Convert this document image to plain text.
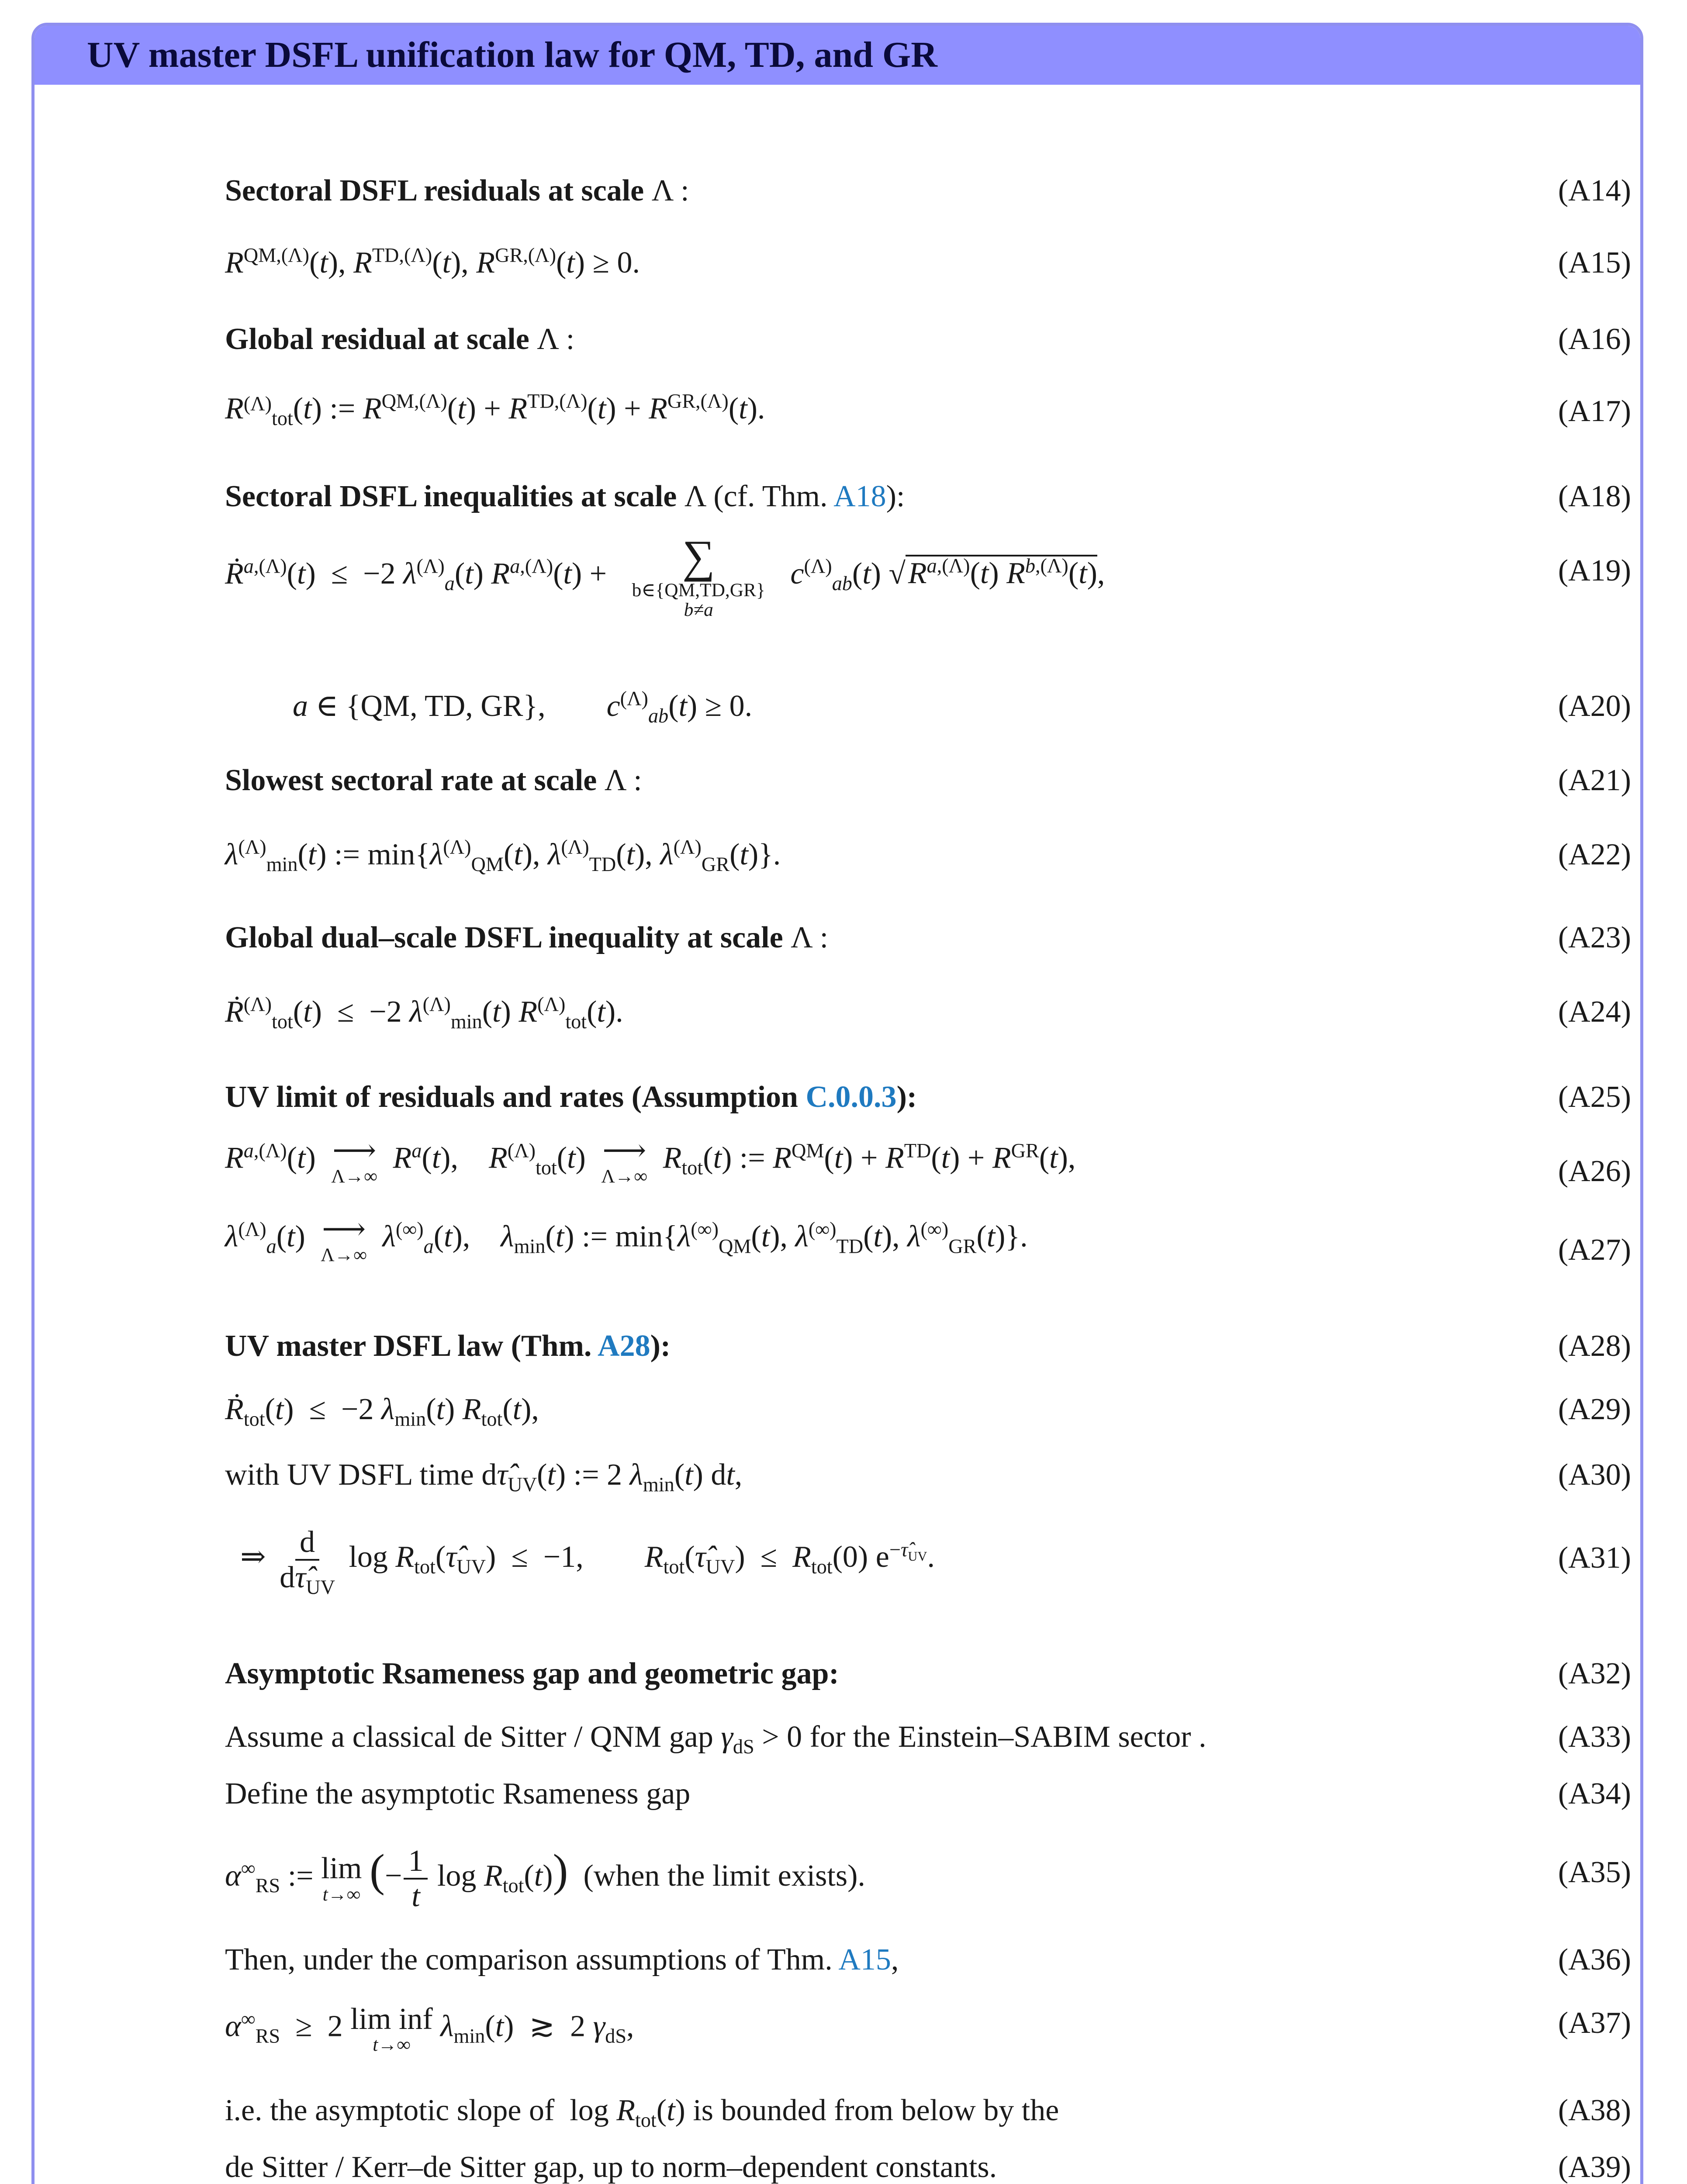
UV master DSFL unification law for QM, TD, and GR
Sectoral DSFL residuals at scale Λ :	(A14)
$R^{QM,(\Lambda)}(t)$, $R^{TD,(\Lambda)}(t)$, $R^{GR,(\Lambda)}(t) \ge 0$.	(A15)
Global residual at scale Λ :	(A16)
$R^{(\Lambda)}_{tot}(t)$ := $R^{QM,(\Lambda)}(t) + R^{TD,(\Lambda)}(t) + R^{GR,(\Lambda)}(t)$.	(A17)
Sectoral DSFL inequalities at scale Λ (cf. Thm. A18):	(A18)
Ṙ$^{a,(\Lambda)}$(t)  ≤  −2 $\lambda^{(\Lambda)}_a(t) R^{a,(\Lambda)}(t)$ + ∑
b∈{QM,TD,GR}
b≠a
$c^{(\Lambda)}_{ab}(t)$ $√R^{a,(\Lambda)}(t)$ $R^{b,(\Lambda)}(t)$,	(A19)
a ∈ {QM, TD, GR},        $c^{(\Lambda)}_{ab}(t) \ge 0$.	(A20)
Slowest sectoral rate at scale Λ :	(A21)
$\lambda^{(\Lambda)}_{min}(t)$ := $\min\{\lambda^{(\Lambda)}_{QM}(t)$, $\lambda^{(\Lambda)}_{TD}(t)$, $\lambda^{(\Lambda)}_{GR}(t)$}.	(A22)
Global dual–scale DSFL inequality at scale Λ :	(A23)
Ṙ$^{(\Lambda)}_{tot}$(t)  ≤  −2 $\lambda^{(\Lambda)}_{min}(t)$ $R^{(\Lambda)}_{tot}(t)$.	(A24)
UV limit of residuals and rates (Assumption C.0.0.3):	(A25)
$R^{a,(\Lambda)}(t)$ ⟶
Λ→∞
$R^a(t)$,    $R^{(\Lambda)}_{tot}(t)$ ⟶
Λ→∞
$R_{tot}(t)$ := $R^{QM}(t) + R^{TD}(t) + R^{GR}(t)$,	(A26)
$\lambda^{(\Lambda)}_a(t)$ ⟶
Λ→∞
$\lambda^{(\infty)}_a(t)$,    $\lambda_{min}(t)$ := $\min\{\lambda^{(\infty)}_{QM}(t)$, $\lambda^{(\infty)}_{TD}(t)$, $\lambda^{(\infty)}_{GR}(t)$}.	(A27)
UV master DSFL law (Thm. A28):	(A28)
Ṙ$_{tot}$(t)  ≤  −2 $\lambda_{min}(t)$ $R_{tot}(t)$,	(A29)
with UV DSFL time $d\taû_{UV}(t)$ := 2 $\lambda_{min}(t)$ dt,	(A30)
⇒ $\frac{d}{d\taû_{UV}}$ $\log R_{tot}(\taû_{UV}) \le -1$,        $R_{tot}(\taû_{UV}) \le R_{tot}(0)$ $e^{-\taû_{UV}}$.	(A31)
Asymptotic Rsameness gap and geometric gap:	(A32)
Assume a classical de Sitter / QNM gap $\gamma_{dS} > 0$ for the Einstein–SABIM sector .	(A33)
Define the asymptotic Rsameness gap	(A34)
$\alpha^\infty_{RS}$ := lim
t→∞ (− $\frac{1}{t}$ $\log R_{tot}(t)$) (when the limit exists).	(A35)
Then, under the comparison assumptions of Thm. A15,	(A36)
$\alpha^\infty_{RS} \ge 2$ lim inf
t→∞
$\lambda_{min}(t)$  ≳  2 $\gamma_{dS}$,	(A37)
i.e. the asymptotic slope of  $\log R_{tot}(t)$ is bounded from below by the	(A38)
de Sitter / Kerr–de Sitter gap, up to norm–dependent constants.	(A39)
